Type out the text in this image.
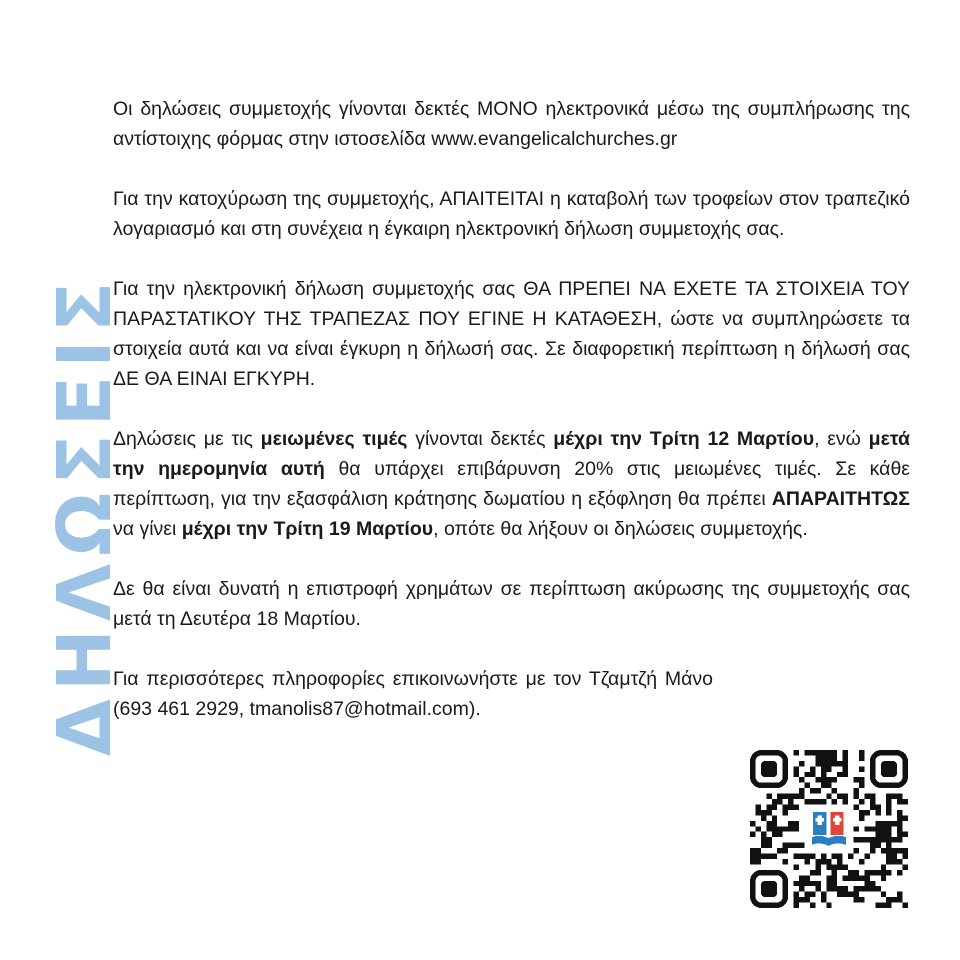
ΔΗΛΩΣΕΙΣ

Οι δηλώσεις συμμετοχής γίνονται δεκτές ΜΟΝΟ ηλεκτρονικά μέσω της συμπλήρωσης της αντίστοιχης φόρμας στην ιστοσελίδα www.evangelicalchurches.gr

Για την κατοχύρωση της συμμετοχής, ΑΠΑΙΤΕΙΤΑΙ η καταβολή των τροφείων στον τραπεζικό λογαριασμό και στη συνέχεια η έγκαιρη ηλεκτρονική δήλωση συμμετοχής σας.

Για την ηλεκτρονική δήλωση συμμετοχής σας ΘΑ ΠΡΕΠΕΙ ΝΑ ΕΧΕΤΕ ΤΑ ΣΤΟΙΧΕΙΑ ΤΟΥ ΠΑΡΑΣΤΑΤΙΚΟΥ ΤΗΣ ΤΡΑΠΕΖΑΣ ΠΟΥ ΕΓΙΝΕ Η ΚΑΤΑΘΕΣΗ, ώστε να συμπληρώσετε τα στοιχεία αυτά και να είναι έγκυρη η δήλωσή σας. Σε διαφορετική περίπτωση η δήλωσή σας ΔΕ ΘΑ ΕΙΝΑΙ ΕΓΚΥΡΗ.

Δηλώσεις με τις μειωμένες τιμές γίνονται δεκτές μέχρι την Τρίτη 12 Μαρτίου, ενώ μετά την ημερομηνία αυτή θα υπάρχει επιβάρυνση 20% στις μειωμένες τιμές. Σε κάθε περίπτωση, για την εξασφάλιση κράτησης δωματίου η εξόφληση θα πρέπει ΑΠΑΡΑΙΤΗΤΩΣ να γίνει μέχρι την Τρίτη 19 Μαρτίου, οπότε θα λήξουν οι δηλώσεις συμμετοχής.

Δε θα είναι δυνατή η επιστροφή χρημάτων σε περίπτωση ακύρωσης της συμμετοχής σας μετά τη Δευτέρα 18 Μαρτίου.

Για περισσότερες πληροφορίες επικοινωνήστε με τον Τζαμτζή Μάνο (693 461 2929, tmanolis87@hotmail.com).
